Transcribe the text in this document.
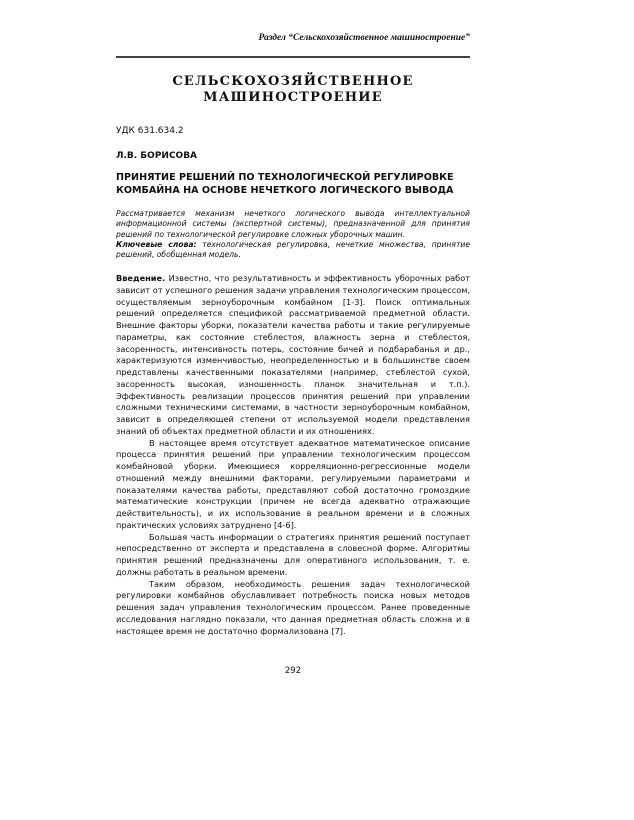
Раздел “Сельскохозяйственное машиностроение”
СЕЛЬСКОХОЗЯЙСТВЕННОЕ
МАШИНОСТРОЕНИЕ
УДК 631.634.2
Л.В. БОРИСОВА
ПРИНЯТИЕ РЕШЕНИЙ ПО ТЕХНОЛОГИЧЕСКОЙ РЕГУЛИРОВКЕ
КОМБАЙНА НА ОСНОВЕ НЕЧЕТКОГО ЛОГИЧЕСКОГО ВЫВОДА
Рассматривается механизм нечеткого логического вывода интеллектуальной информационной системы (экспертной системы), предназначенной для принятия решений по технологической регулировке сложных уборочных машин.
Ключевые слова: технологическая регулировка, нечеткие множества, принятие решений, обобщенная модель.

Введение. Известно, что результативность и эффективность уборочных работ зависит от успешного решения задачи управления технологическим процессом, осуществляемым зерноуборочным комбайном [1-3]. Поиск оптимальных решений определяется спецификой рассматриваемой предметной области. Внешние факторы уборки, показатели качества работы и такие регулируемые параметры, как состояние стеблестоя, влажность зерна и стеблестоя, засоренность, интенсивность потерь, состояние бичей и подбарабанья и др., характеризуются изменчивостью, неопределенностью и в большинстве своем представлены качественными показателями (например, стеблестой сухой, засоренность высокая, изношенность планок значительная и т.п.). Эффективность реализации процессов принятия решений при управлении сложными техническими системами, в частности зерноуборочным комбайном, зависит в определяющей степени от используемой модели представления знаний об объектах предметной области и их отношениях.

В настоящее время отсутствует адекватное математическое описание процесса принятия решений при управлении технологическим процессом комбайновой уборки. Имеющиеся корреляционно-регрессионные модели отношений между внешними факторами, регулируемыми параметрами и показателями качества работы, представляют собой достаточно громоздкие математические конструкции (причем не всегда адекватно отражающие действительность), и их использование в реальном времени и в сложных практических условиях затруднено [4-6].

Большая часть информации о стратегиях принятия решений поступает непосредственно от эксперта и представлена в словесной форме. Алгоритмы принятия решений предназначены для оперативного использования, т. е. должны работать в реальном времени.

Таким образом, необходимость решения задач технологической регулировки комбайнов обуславливает потребность поиска новых методов решения задач управления технологическим процессом. Ранее проведенные исследования наглядно показали, что данная предметная область сложна и в настоящее время не достаточно формализована [7].

292
